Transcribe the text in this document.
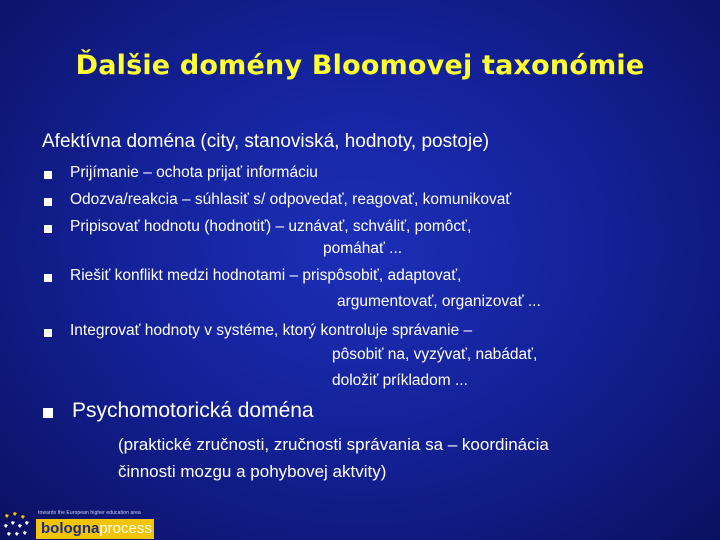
Ďalšie domény Bloomovej taxonómie
Afektívna doména (city, stanoviská, hodnoty, postoje)
Prijímanie – ochota prijať informáciu
Odozva/reakcia – súhlasiť s/ odpovedať, reagovať, komunikovať
Pripisovať hodnotu (hodnotiť) – uznávať, schváliť, pomôcť,
pomáhať ...
Riešiť konflikt medzi hodnotami – prispôsobiť, adaptovať,
argumentovať, organizovať ...
Integrovať hodnoty v systéme, ktorý kontroluje správanie –
pôsobiť na, vyzývať, nabádať,
doložiť príkladom ...
Psychomotorická doména
(praktické zručnosti, zručnosti správania sa – koordinácia
činnosti mozgu a pohybovej aktvity)
towards the European higher education area
bolognaprocess
